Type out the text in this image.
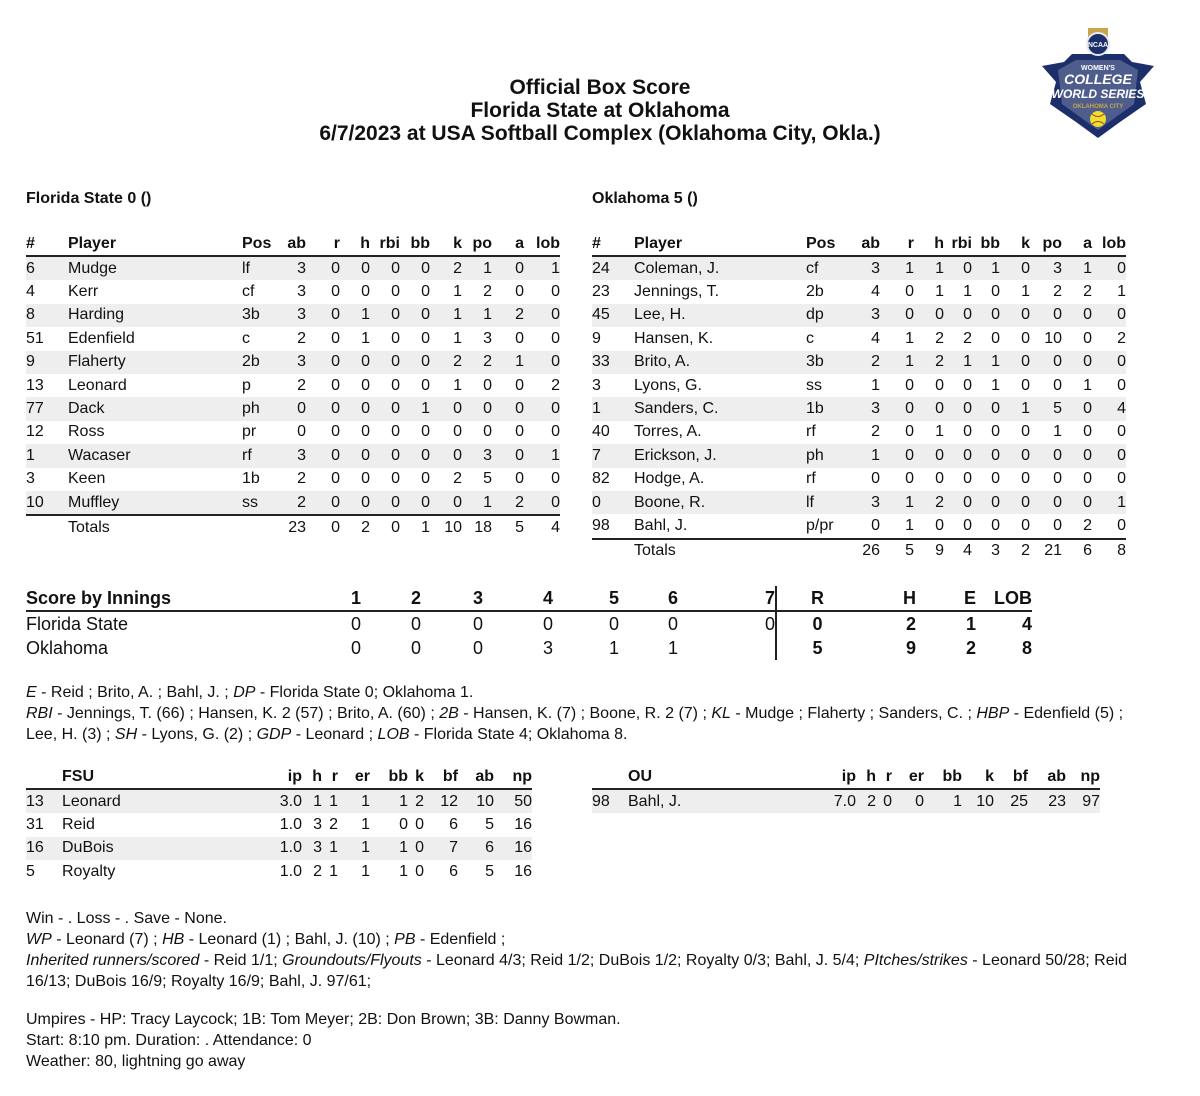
Official Box Score
Florida State at Oklahoma
6/7/2023 at USA Softball Complex (Oklahoma City, Okla.)
NCAA
WOMEN'S
COLLEGE
WORLD SERIES
OKLAHOMA CITY
Florida State 0 ()
#	Player	Pos	ab	r	h	rbi	bb	k	po	a	lob
6	Mudge	lf	3	0	0	0	0	2	1	0	1
4	Kerr	cf	3	0	0	0	0	1	2	0	0
8	Harding	3b	3	0	1	0	0	1	1	2	0
51	Edenfield	c	2	0	1	0	0	1	3	0	0
9	Flaherty	2b	3	0	0	0	0	2	2	1	0
13	Leonard	p	2	0	0	0	0	1	0	0	2
77	Dack	ph	0	0	0	0	1	0	0	0	0
12	Ross	pr	0	0	0	0	0	0	0	0	0
1	Wacaser	rf	3	0	0	0	0	0	3	0	1
3	Keen	1b	2	0	0	0	0	2	5	0	0
10	Muffley	ss	2	0	0	0	0	0	1	2	0
	Totals		23	0	2	0	1	10	18	5	4
Oklahoma 5 ()
#	Player	Pos	ab	r	h	rbi	bb	k	po	a	lob
24	Coleman, J.	cf	3	1	1	0	1	0	3	1	0
23	Jennings, T.	2b	4	0	1	1	0	1	2	2	1
45	Lee, H.	dp	3	0	0	0	0	0	0	0	0
9	Hansen, K.	c	4	1	2	2	0	0	10	0	2
33	Brito, A.	3b	2	1	2	1	1	0	0	0	0
3	Lyons, G.	ss	1	0	0	0	1	0	0	1	0
1	Sanders, C.	1b	3	0	0	0	0	1	5	0	4
40	Torres, A.	rf	2	0	1	0	0	0	1	0	0
7	Erickson, J.	ph	1	0	0	0	0	0	0	0	0
82	Hodge, A.	rf	0	0	0	0	0	0	0	0	0
0	Boone, R.	lf	3	1	2	0	0	0	0	0	1
98	Bahl, J.	p/pr	0	1	0	0	0	0	0	2	0
	Totals		26	5	9	4	3	2	21	6	8
Score by Innings	1	2	3	4	5	6	7	R	H	E	LOB
Florida State	0	0	0	0	0	0	0	0	2	1	4
Oklahoma	0	0	0	3	1	1		5	9	2	8
E - Reid ; Brito, A. ; Bahl, J. ; DP - Florida State 0; Oklahoma 1.
RBI - Jennings, T. (66) ; Hansen, K. 2 (57) ; Brito, A. (60) ; 2B - Hansen, K. (7) ; Boone, R. 2 (7) ; KL - Mudge ; Flaherty ; Sanders, C. ; HBP - Edenfield (5) ; Lee, H. (3) ; SH - Lyons, G. (2) ; GDP - Leonard ; LOB - Florida State 4; Oklahoma 8.
	FSU	ip	h	r	er	bb	k	bf	ab	np
13	Leonard	3.0	1	1	1	1	2	12	10	50
31	Reid	1.0	3	2	1	0	0	6	5	16
16	DuBois	1.0	3	1	1	1	0	7	6	16
5	Royalty	1.0	2	1	1	1	0	6	5	16
	OU	ip	h	r	er	bb	k	bf	ab	np
98	Bahl, J.	7.0	2	0	0	1	10	25	23	97
Win - . Loss - . Save - None.
WP - Leonard (7) ; HB - Leonard (1) ; Bahl, J. (10) ; PB - Edenfield ;
Inherited runners/scored - Reid 1/1; Groundouts/Flyouts - Leonard 4/3; Reid 1/2; DuBois 1/2; Royalty 0/3; Bahl, J. 5/4; PItches/strikes - Leonard 50/28; Reid 16/13; DuBois 16/9; Royalty 16/9; Bahl, J. 97/61;
Umpires - HP: Tracy Laycock; 1B: Tom Meyer; 2B: Don Brown; 3B: Danny Bowman.
Start: 8:10 pm. Duration: . Attendance: 0
Weather: 80, lightning go away
